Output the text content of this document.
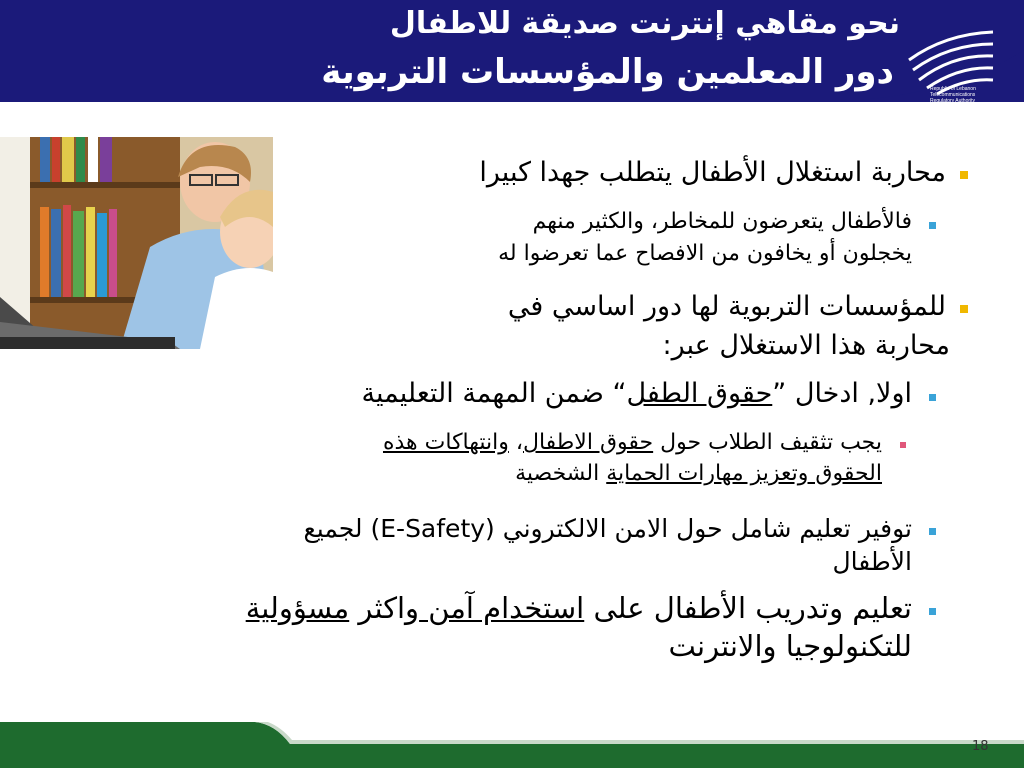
نحو مقاهي إنترنت صديقة للاطفال
دور المعلمين والمؤسسات التربوية	Republic of Lebanon
Telecommunications
Regulatory Authority
محاربة استغلال الأطفال يتطلب جهدا كبيرا
فالأطفال يتعرضون للمخاطر، والكثير منهم
يخجلون أو يخافون من الافصاح عما تعرضوا له
للمؤسسات التربوية لها دور اساسي في
محاربة هذا الاستغلال عبر:
اولا, ادخال ”حقوق الطفل“ ضمن المهمة التعليمية
يجب تثقيف الطلاب حول حقوق الاطفال، وانتهاكات هذه
الحقوق وتعزيز مهارات الحماية الشخصية
توفير تعليم شامل حول الامن الالكتروني (E-Safety) لجميع
الأطفال
تعليم وتدريب الأطفال على استخدام آمن واكثر مسؤولية
للتكنولوجيا والانترنت
18
